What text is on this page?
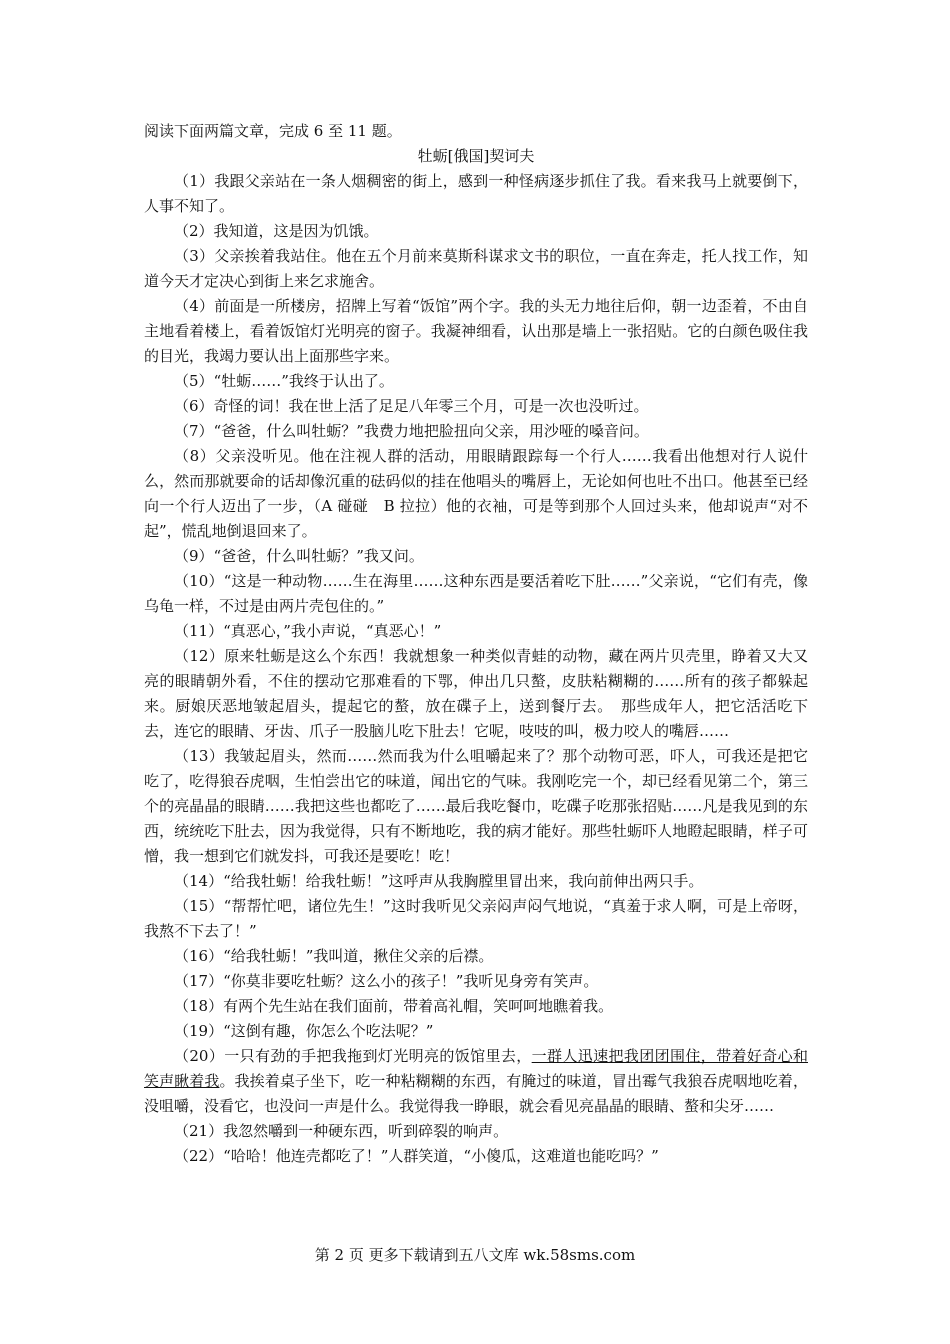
阅读下面两篇文章，完成 6 至 11 题。

牡蛎[俄国]契诃夫

（1）我跟父亲站在一条人烟稠密的街上，感到一种怪病逐步抓住了我。看来我马上就要倒下，人事不知了。

（2）我知道，这是因为饥饿。

（3）父亲挨着我站住。他在五个月前来莫斯科谋求文书的职位，一直在奔走，托人找工作，知道今天才定决心到街上来乞求施舍。

（4）前面是一所楼房，招牌上写着“饭馆”两个字。我的头无力地往后仰，朝一边歪着，不由自主地看着楼上，看着饭馆灯光明亮的窗子。我凝神细看，认出那是墙上一张招贴。它的白颜色吸住我的目光，我竭力要认出上面那些字来。

（5）“牡蛎……”我终于认出了。

（6）奇怪的词！我在世上活了足足八年零三个月，可是一次也没听过。

（7）“爸爸，什么叫牡蛎？”我费力地把脸扭向父亲，用沙哑的嗓音问。

（8）父亲没听见。他在注视人群的活动，用眼睛跟踪每一个行人……我看出他想对行人说什么，然而那就要命的话却像沉重的砝码似的挂在他唱头的嘴唇上，无论如何也吐不出口。他甚至已经向一个行人迈出了一步，（A 碰碰　B 拉拉）他的衣袖，可是等到那个人回过头来，他却说声“对不起”，慌乱地倒退回来了。

（9）“爸爸，什么叫牡蛎？”我又问。

（10）“这是一种动物……生在海里……这种东西是要活着吃下肚……”父亲说，“它们有壳，像乌龟一样，不过是由两片壳包住的。”

（11）“真恶心，”我小声说，“真恶心！”

（12）原来牡蛎是这么个东西！我就想象一种类似青蛙的动物，藏在两片贝壳里，睁着又大又亮的眼睛朝外看，不住的摆动它那难看的下鄂，伸出几只螯，皮肤粘糊糊的……所有的孩子都躲起来。厨娘厌恶地皱起眉头，提起它的螯，放在碟子上，送到餐厅去。　那些成年人，把它活活吃下去，连它的眼睛、牙齿、爪子一股脑儿吃下肚去！它呢，吱吱的叫，极力咬人的嘴唇……

（13）我皱起眉头，然而……然而我为什么咀嚼起来了？那个动物可恶，吓人，可我还是把它吃了，吃得狼吞虎咽，生怕尝出它的味道，闻出它的气味。我刚吃完一个，却已经看见第二个，第三个的亮晶晶的眼睛……我把这些也都吃了……最后我吃餐巾，吃碟子吃那张招贴……凡是我见到的东西，统统吃下肚去，因为我觉得，只有不断地吃，我的病才能好。那些牡蛎吓人地瞪起眼睛，样子可憎，我一想到它们就发抖，可我还是要吃！吃！

（14）“给我牡蛎！给我牡蛎！”这呼声从我胸膛里冒出来，我向前伸出两只手。

（15）“帮帮忙吧，诸位先生！”这时我听见父亲闷声闷气地说，“真羞于求人啊，可是上帝呀，我熬不下去了！”

（16）“给我牡蛎！”我叫道，揪住父亲的后襟。

（17）“你莫非要吃牡蛎？这么小的孩子！”我听见身旁有笑声。

（18）有两个先生站在我们面前，带着高礼帽，笑呵呵地瞧着我。

（19）“这倒有趣，你怎么个吃法呢？”

（20）一只有劲的手把我拖到灯光明亮的饭馆里去，一群人迅速把我团团围住，带着好奇心和笑声瞅着我。我挨着桌子坐下，吃一种粘糊糊的东西，有腌过的味道，冒出霉气我狼吞虎咽地吃着，没咀嚼，没看它，也没问一声是什么。我觉得我一睁眼，就会看见亮晶晶的眼睛、螯和尖牙……

（21）我忽然嚼到一种硬东西，听到碎裂的响声。

（22）“哈哈！他连壳都吃了！”人群笑道，“小傻瓜，这难道也能吃吗？”

第 2 页 更多下载请到五八文库 wk.58sms.com
